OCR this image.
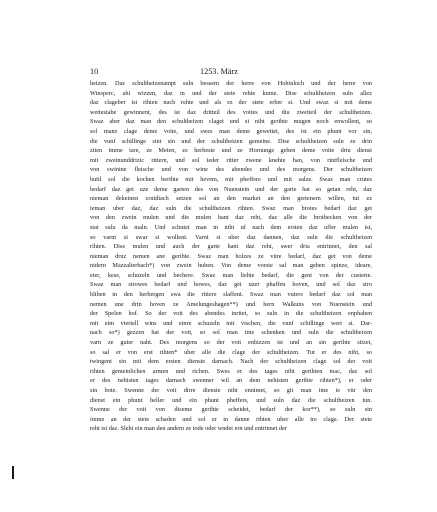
10	1253. März
heizen. Daz schultheizenampt suln bessern der herre von Hohinloch und der herre von
Winsperc, ahi wizzen, daz in und der stete rehte kume. Dise schultheizen suln allez
daz clageber ist rihten nach rehte und als ez der stete erber si. Und swaz si mit deme
wettestabe gewinnent, des ist daz dritteil des voites und diu zweiteil der schultheizen.
Swaz aber daz man den schultheizen claget und si niht gerihte mugen noch enwollent, so
sol manz clage deme voite, und swes man deme gewettet, des ist ein phunt vor sin,
die vunf schillinge sint sin und der schultheizen gemeine. Dise schultheizen suln ze drin
ziten imme iare, ze Meien, ze herbeste und ze Hornunge geben deme voite driu dienst
mit zweinunddrizic rittern, und sol ieder ritter zwene knehte han, von rintfleische und
von swinine fleische und von wine des abendes und des morgens. Der schultheizen
butil sol die kochen berihte mit hevem, mit pheffere und mit salze. Swaz man crutes
bedarf daz get uze deme garten des von Nuenstein und der garte hat so getan reht, daz
nieman dekeinen crutdiach setzen sol an den market an den gertenern willen, tut ez
ieman uber daz, daz suln die schultheizen rihten. Swaz man brotes bedarf daz get
von den zwein mulen und die mulen hant daz reht, daz alle die brotbecken von der
stat sulu da maln. Und schutet man in niht uf nach dem ersten daz uffer mulen ist,
so varnt si swar si wollent. Varnt si uber daz dannen, daz suln die schultheizen
rihten. Dise mulen und auch der garte hant daz reht, swer dria entrinnet, den sal
nieman druz nemen ane gerihte. Swaz man holzes ze vüre bedarf, daz get von deme
nidern Mazzalterbach*) von zwein huben. Von deme vorste sal man geben spinze, ideare,
eier, kese, schuzeln und bechere. Swaz man liehte bedarf, die gent von der custerie.
Swaz man strowes bedarf und howes, daz get uzer phaffen hoven, und sol daz stro
bliben in den herbergen swa die rittere slaffent. Swaz man vuters bedarf daz sol man
nemen une drin hoven ze Amelungeshagen**) und hern Walkuns von Nuenstein und
der Spelen hof. So der voit des abendes inritet, so suln in die schultheizen enphahen
mit eim viertell wins und einre schuzeln mit vischen, die vunf schillinge wert si. Dar-
nach so*) gezzen hat der voit, so sol man ime schenken und suln die schultheizen
varn ze guter naht. Des morgens so der voit enbizzen ist und an sin gerihte sitzet,
so sal er von erst rihten* uber alle die clage der schultheizen. Tut er des niht, so
twingent sin mit dem ersten dienste darnach. Nach der schultheizen clage sol der voit
rihten gemeinlichen armen und richen. Swes er des tages niht gerihten mac, daz sol
er des nehisten tages darnach swenner wil an dem nehisten gerihte rihten*), er oder
sin bote. Swenne der voit dirre dienste niht ennimet, so git man ime ie vür den
dienst ein phunt heller und ein phunt pheffers, und suln daz die schultheizen tun.
Swenne der voit von diseme gerihte scheidet, bedarf der kor**), so suln sin
imme an der stete schaden und sol er in danne rihten uber alle ire clage. Der stete
reht ist daz. Sleht ein man den andern ze tode oder wndet ern und entrinnet der
